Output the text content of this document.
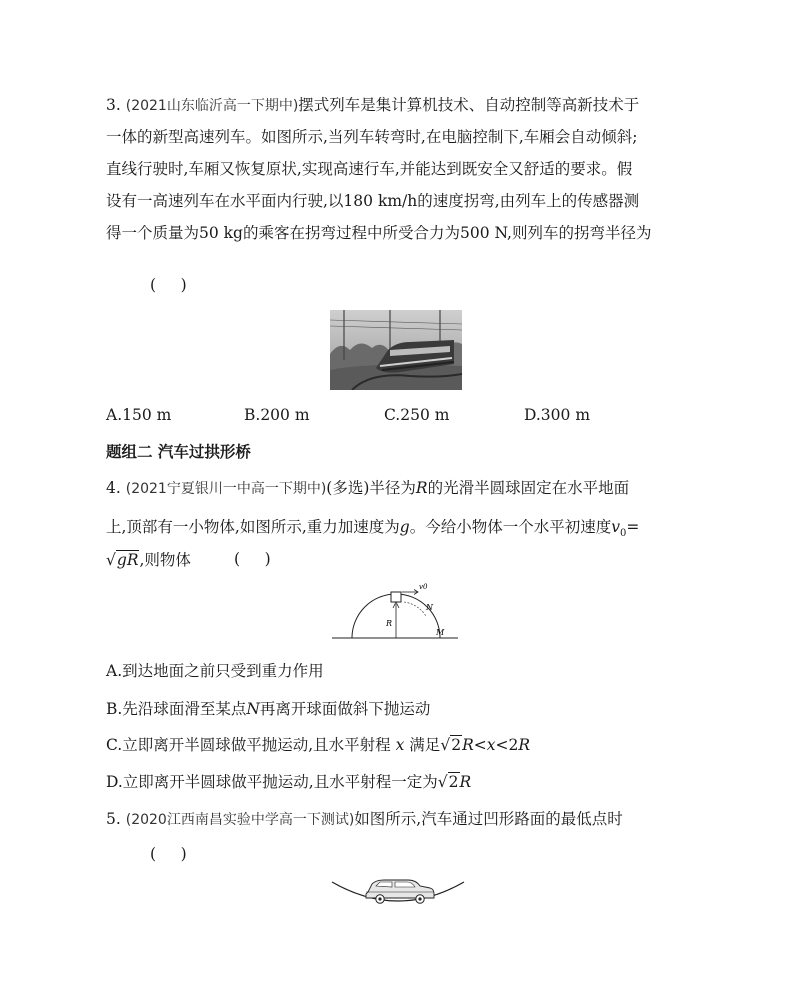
3. (2021山东临沂高一下期中)摆式列车是集计算机技术、自动控制等高新技术于
一体的新型高速列车。如图所示,当列车转弯时,在电脑控制下,车厢会自动倾斜;
直线行驶时,车厢又恢复原状,实现高速行车,并能达到既安全又舒适的要求。假
设有一高速列车在水平面内行驶,以180 km/h的速度拐弯,由列车上的传感器测
得一个质量为50 kg的乘客在拐弯过程中所受合力为500 N,则列车的拐弯半径为
(     )
A.150 m	B.200 m	C.250 m	D.300 m
题组二 汽车过拱形桥
4. (2021宁夏银川一中高一下期中)(多选)半径为R的光滑半圆球固定在水平地面
上,顶部有一小物体,如图所示,重力加速度为g。今给小物体一个水平初速度$v_0=$
√gR,则物体	(     )
v0
N
R
M
A.到达地面之前只受到重力作用
B.先沿球面滑至某点N再离开球面做斜下抛运动
C.立即离开半圆球做平抛运动,且水平射程 x 满足√2R<x<2R
D.立即离开半圆球做平抛运动,且水平射程一定为√2R
5. (2020江西南昌实验中学高一下测试)如图所示,汽车通过凹形路面的最低点时
(     )
